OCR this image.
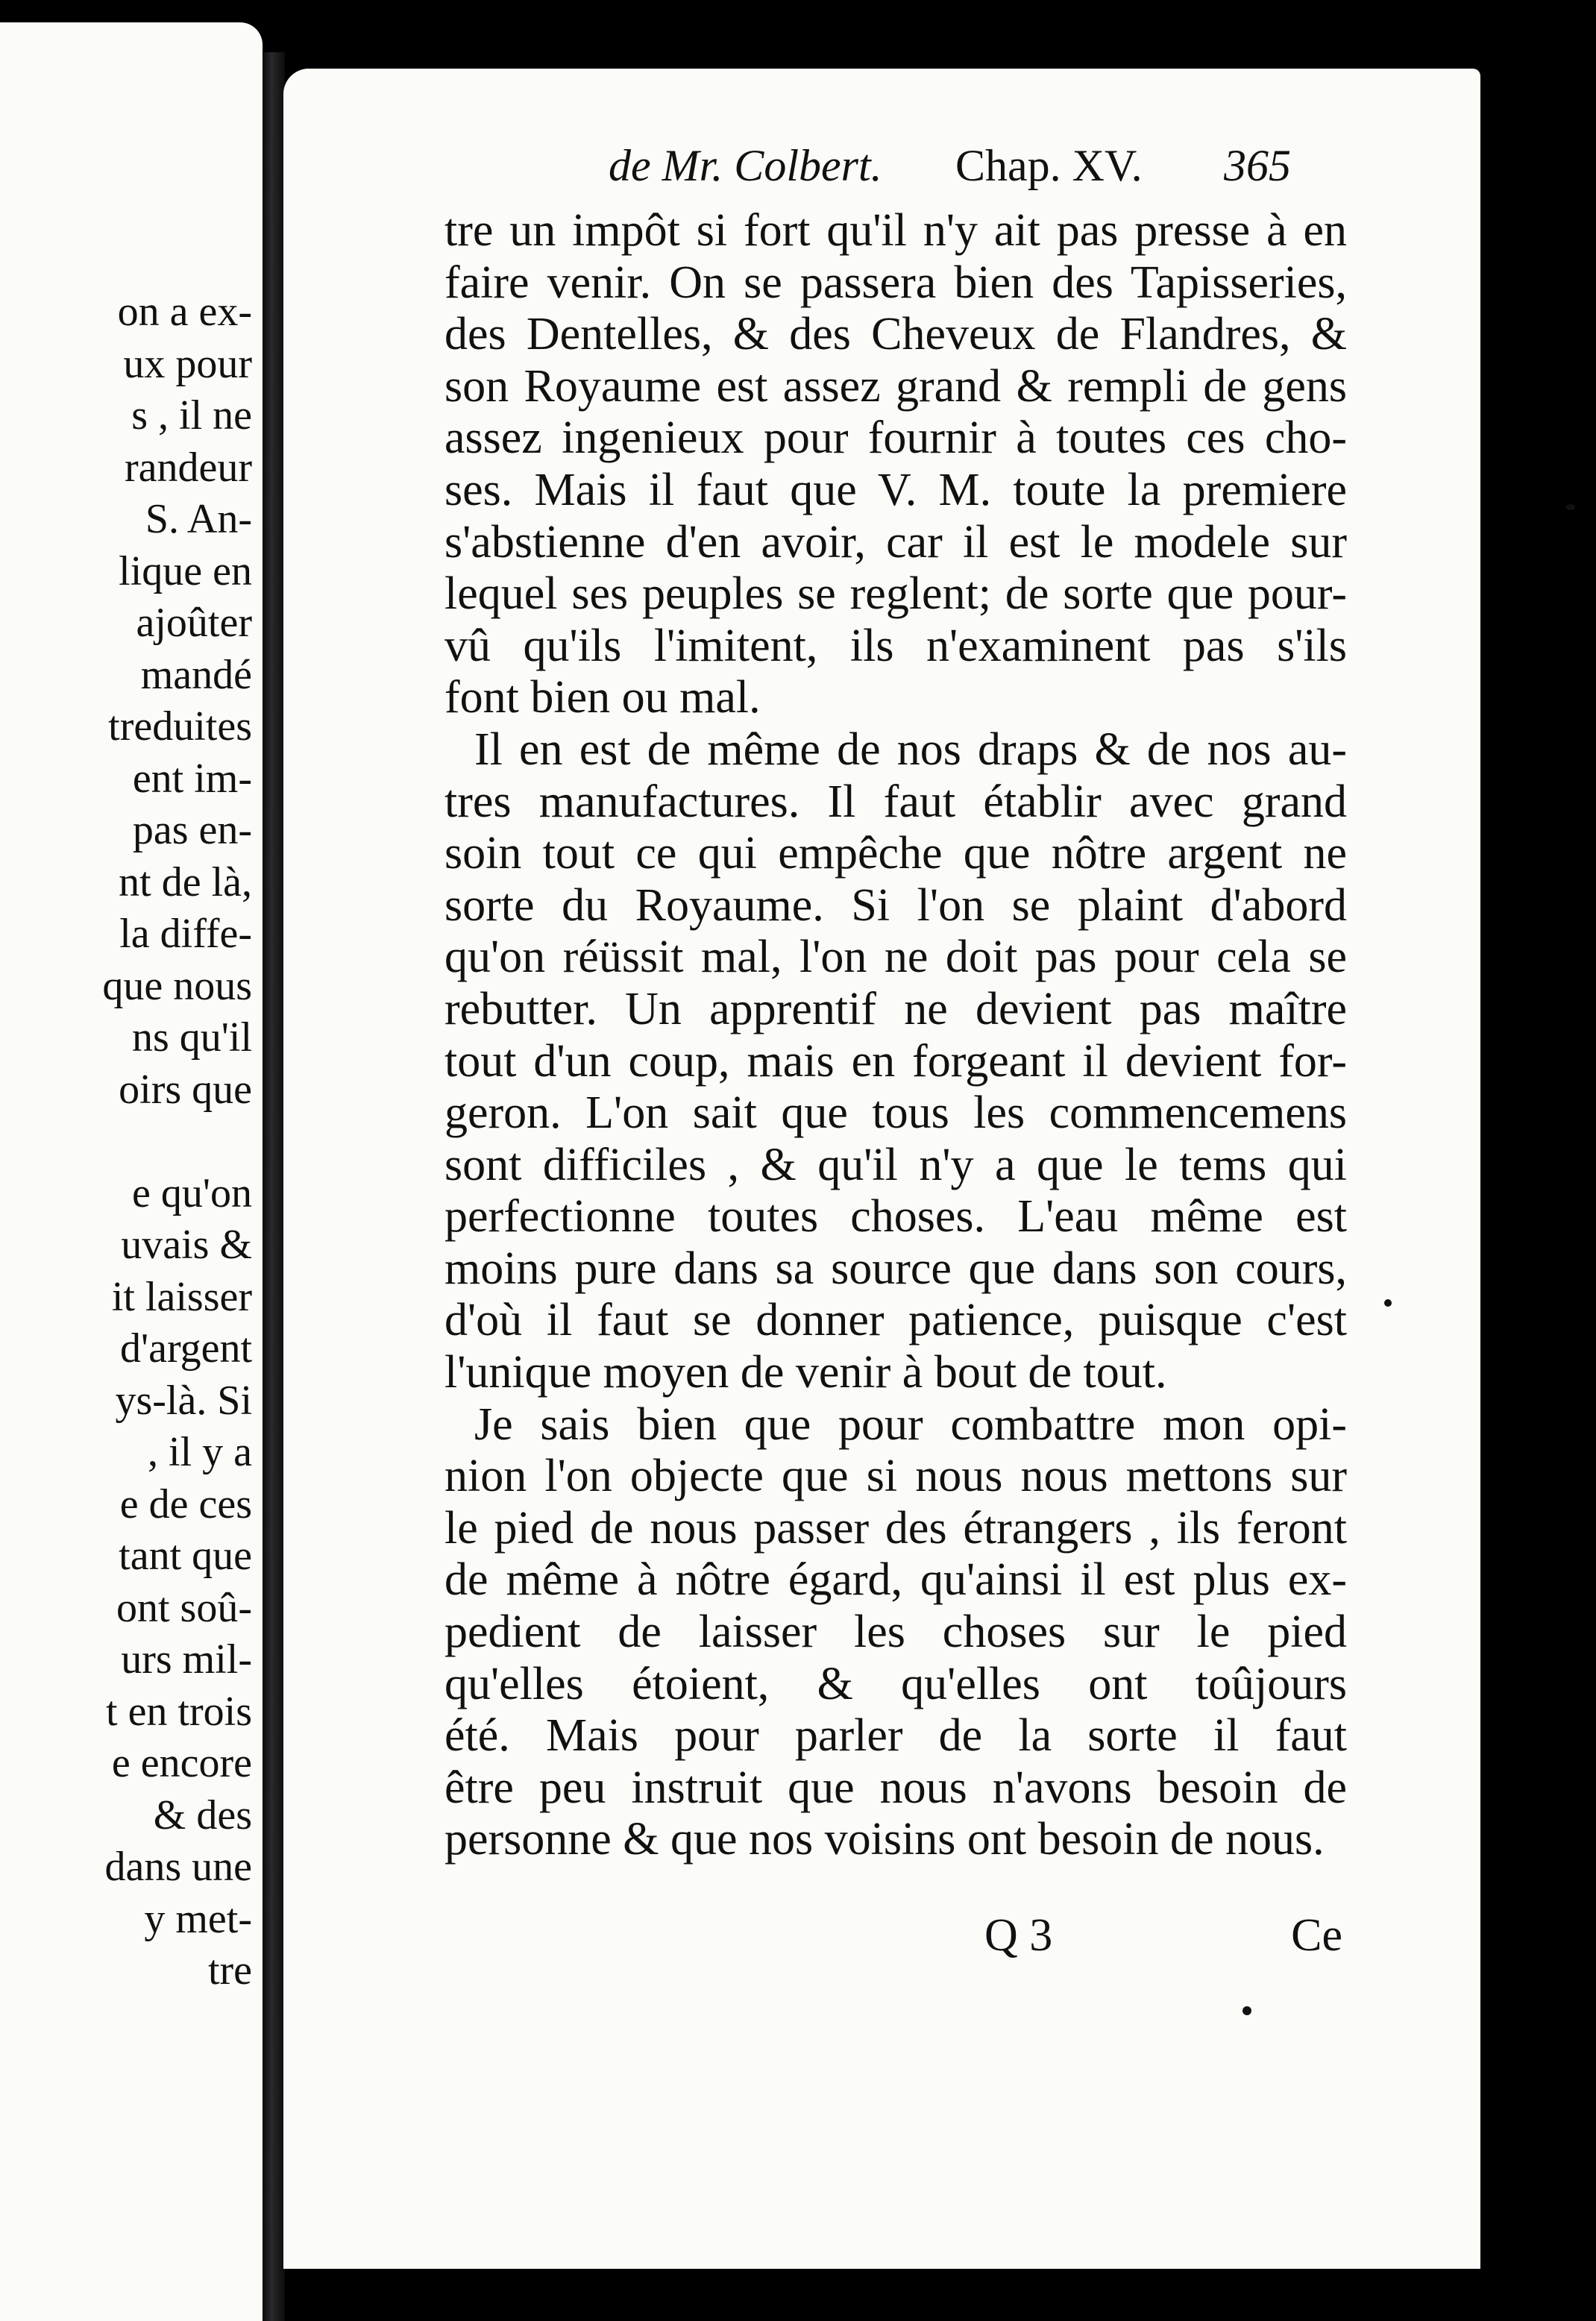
on a ex-
ux pour
s , il ne
randeur
S. An-
lique en
ajoûter
mandé
treduites
ent im-
pas en-
nt de là,
la diffe-
que nous
ns qu'il
oirs que
e qu'on
uvais &
it laisser
d'argent
ys-là. Si
, il y a
e de ces
tant que
ont soû-
urs mil-
t en trois
e encore
& des
dans une
y met-
tre
de Mr. Colbert. Chap. XV. 365
tre un impôt si fort qu'il n'y ait pas presse à en
faire venir. On se passera bien des Tapisseries,
des Dentelles, & des Cheveux de Flandres, &
son Royaume est assez grand & rempli de gens
assez ingenieux pour fournir à toutes ces cho-
ses. Mais il faut que V. M. toute la premiere
s'abstienne d'en avoir, car il est le modele sur
lequel ses peuples se reglent; de sorte que pour-
vû qu'ils l'imitent, ils n'examinent pas s'ils
font bien ou mal.
Il en est de même de nos draps & de nos au-
tres manufactures. Il faut établir avec grand
soin tout ce qui empêche que nôtre argent ne
sorte du Royaume. Si l'on se plaint d'abord
qu'on réüssit mal, l'on ne doit pas pour cela se
rebutter. Un apprentif ne devient pas maître
tout d'un coup, mais en forgeant il devient for-
geron. L'on sait que tous les commencemens
sont difficiles , & qu'il n'y a que le tems qui
perfectionne toutes choses. L'eau même est
moins pure dans sa source que dans son cours,
d'où il faut se donner patience, puisque c'est
l'unique moyen de venir à bout de tout.
Je sais bien que pour combattre mon opi-
nion l'on objecte que si nous nous mettons sur
le pied de nous passer des étrangers , ils feront
de même à nôtre égard, qu'ainsi il est plus ex-
pedient de laisser les choses sur le pied
qu'elles étoient, & qu'elles ont toûjours
été. Mais pour parler de la sorte il faut
être peu instruit que nous n'avons besoin de
personne & que nos voisins ont besoin de nous.
Q 3	Ce
